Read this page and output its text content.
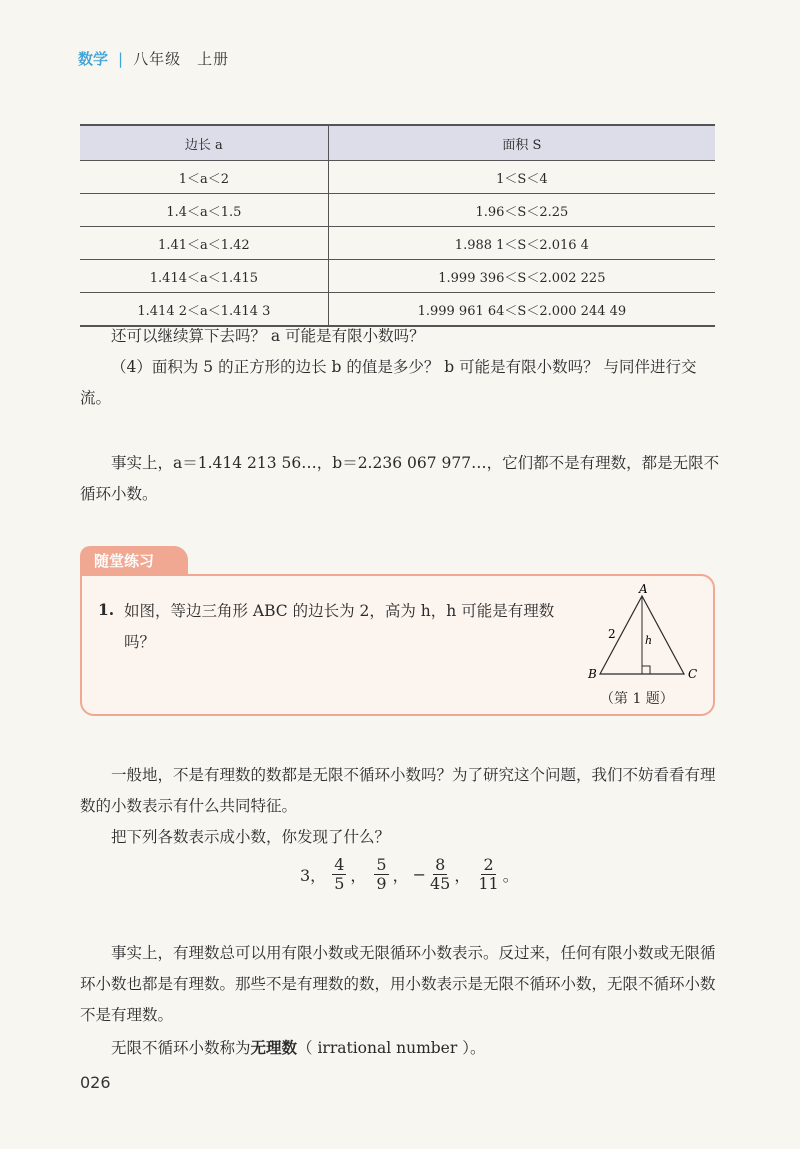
数学 | 八年级　上册
边长 a	面积 S
1＜a＜2	1＜S＜4
1.4＜a＜1.5	1.96＜S＜2.25
1.41＜a＜1.42	1.988 1＜S＜2.016 4
1.414＜a＜1.415	1.999 396＜S＜2.002 225
1.414 2＜a＜1.414 3	1.999 961 64＜S＜2.000 244 49
还可以继续算下去吗？ a 可能是有限小数吗？
（4）面积为 5 的正方形的边长 b 的值是多少？ b 可能是有限小数吗？ 与同伴进行交流。
事实上，a＝1.414 213 56…，b＝2.236 067 977…，它们都不是有理数，都是无限不循环小数。
随堂练习
1. 如图，等边三角形 ABC 的边长为 2，高为 h，h 可能是有理数吗？
A
B	C
2	h
（第 1 题）
一般地，不是有理数的数都是无限不循环小数吗？为了研究这个问题，我们不妨看看有理数的小数表示有什么共同特征。
把下列各数表示成小数，你发现了什么？
3， $\frac{4}{5}$ ， $\frac{5}{9}$ ， − $\frac{8}{45}$ ， $\frac{2}{11}$ 。
事实上，有理数总可以用有限小数或无限循环小数表示。反过来，任何有限小数或无限循环小数也都是有理数。那些不是有理数的数，用小数表示是无限不循环小数，无限不循环小数不是有理数。
无限不循环小数称为无理数（ irrational number ）。
026
